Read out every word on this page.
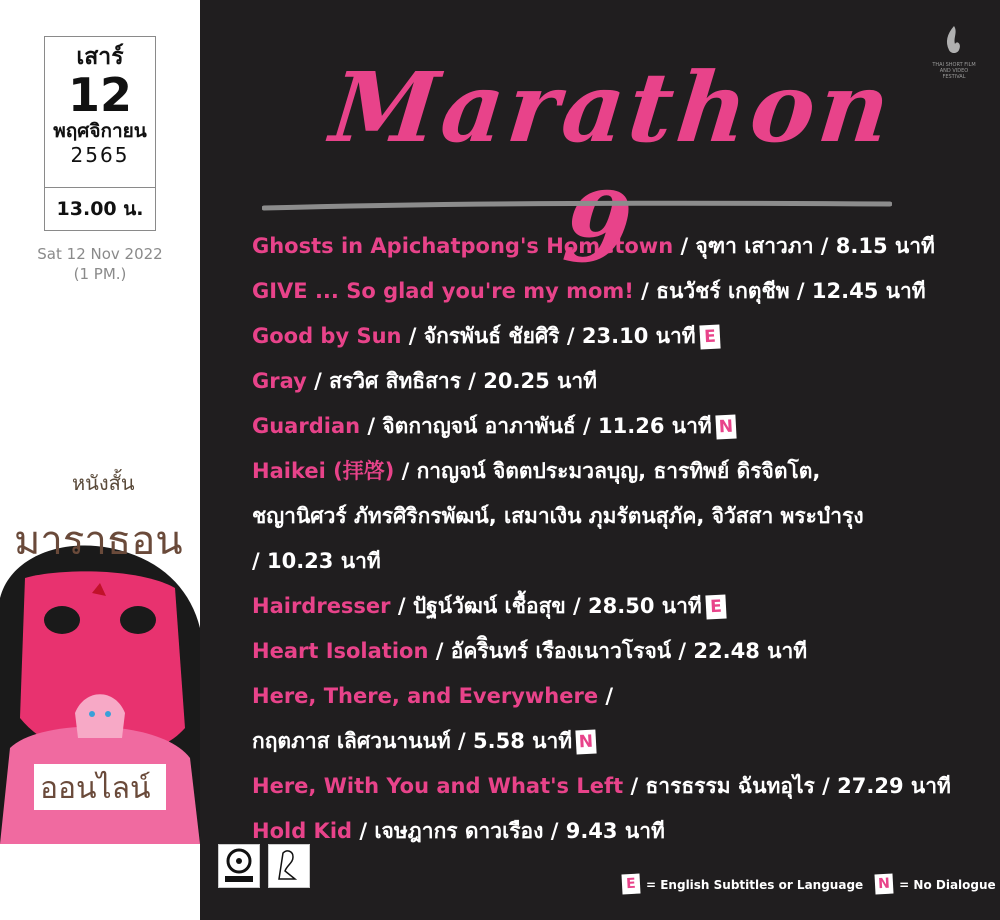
เสาร์
12
พฤศจิกายน
2565
13.00 น.
Sat 12 Nov 2022
(1 PM.)
หนังสั้น
มาราธอน
ออนไลน์
Marathon 9
THAI SHORT FILM AND VIDEO FESTIVAL
Ghosts in Apichatpong's Hometown / จุฑา เสาวภา / 8.15 นาที
GIVE ... So glad you're my mom! / ธนวัชร์ เกตุชีพ / 12.45 นาที
Good by Sun / จักรพันธ์ ชัยศิริ / 23.10 นาที E
Gray / สรวิศ สิทธิสาร / 20.25 นาที
Guardian / จิตกาญจน์ อาภาพันธ์ / 11.26 นาที N
Haikei (拝啓) / กาญจน์ จิตตประมวลบุญ, ธารทิพย์ ดิรจิตโต,
ชญานิศวร์ ภัทรศิริกรพัฒน์, เสมาเงิน ภุมรัตนสุภัค, จิวัสสา พระบำรุง
/ 10.23 นาที
Hairdresser / ปัฐน์วัฒน์ เชื้อสุข / 28.50 นาที E
Heart Isolation / อัคริินทร์ เรืองเนาวโรจน์ / 22.48 นาที
Here, There, and Everywhere /
กฤตภาส เลิศวนานนท์ / 5.58 นาที N
Here, With You and What's Left / ธารธรรม ฉันทอุไร / 27.29 นาที
Hold Kid / เจษฎากร ดาวเรือง / 9.43 นาที
E = English Subtitles or Language N = No Dialogue
